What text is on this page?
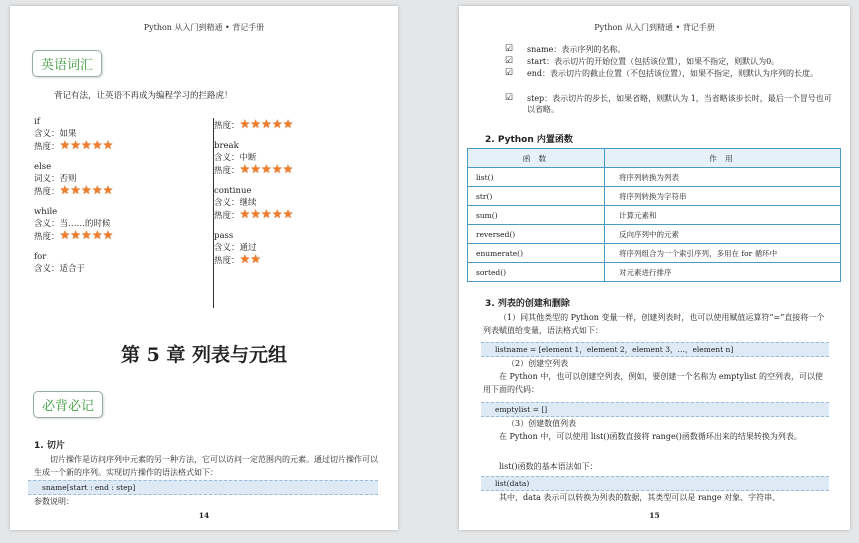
Python 从入门到精通 • 背记手册
英语词汇
背记有法，让英语不再成为编程学习的拦路虎！
if
含义：如果
热度：★★★★★
else
词义：否则
热度：★★★★★
while
含义：当……的时候
热度：★★★★★
for
含义：适合于
热度：★★★★★
break
含义：中断
热度：★★★★★
continue
含义：继续
热度：★★★★★
pass
含义：通过
热度：★★
第 5 章 列表与元组
必背必记
1. 切片
切片操作是访问序列中元素的另一种方法，它可以访问一定范围内的元素。通过切片操作可以生成一个新的序列。实现切片操作的语法格式如下：
sname[start : end : step]
参数说明：
14
Python 从入门到精通 • 背记手册
☑ sname：表示序列的名称。
☑ start：表示切片的开始位置（包括该位置），如果不指定，则默认为0。
☑ end：表示切片的截止位置（不包括该位置），如果不指定，则默认为序列的长度。
☑ step：表示切片的步长，如果省略，则默认为 1，当省略该步长时，最后一个冒号也可以省略。
2. Python 内置函数
函 数	作 用
list()	将序列转换为列表
str()	将序列转换为字符串
sum()	计算元素和
reversed()	反向序列中的元素
enumerate()	将序列组合为一个索引序列，多用在 for 循环中
sorted()	对元素进行排序
3. 列表的创建和删除
（1）同其他类型的 Python 变量一样，创建列表时，也可以使用赋值运算符“=”直接将一个列表赋值给变量，语法格式如下：
listname = [element 1，element 2，element 3，…，element n]
（2）创建空列表
在 Python 中，也可以创建空列表，例如，要创建一个名称为 emptylist 的空列表，可以使用下面的代码：
emptylist = []
（3）创建数值列表
在 Python 中，可以使用 list()函数直接将 range()函数循环出来的结果转换为列表。
list()函数的基本语法如下：
list(data)
其中，data 表示可以转换为列表的数据，其类型可以是 range 对象、字符串、
15
